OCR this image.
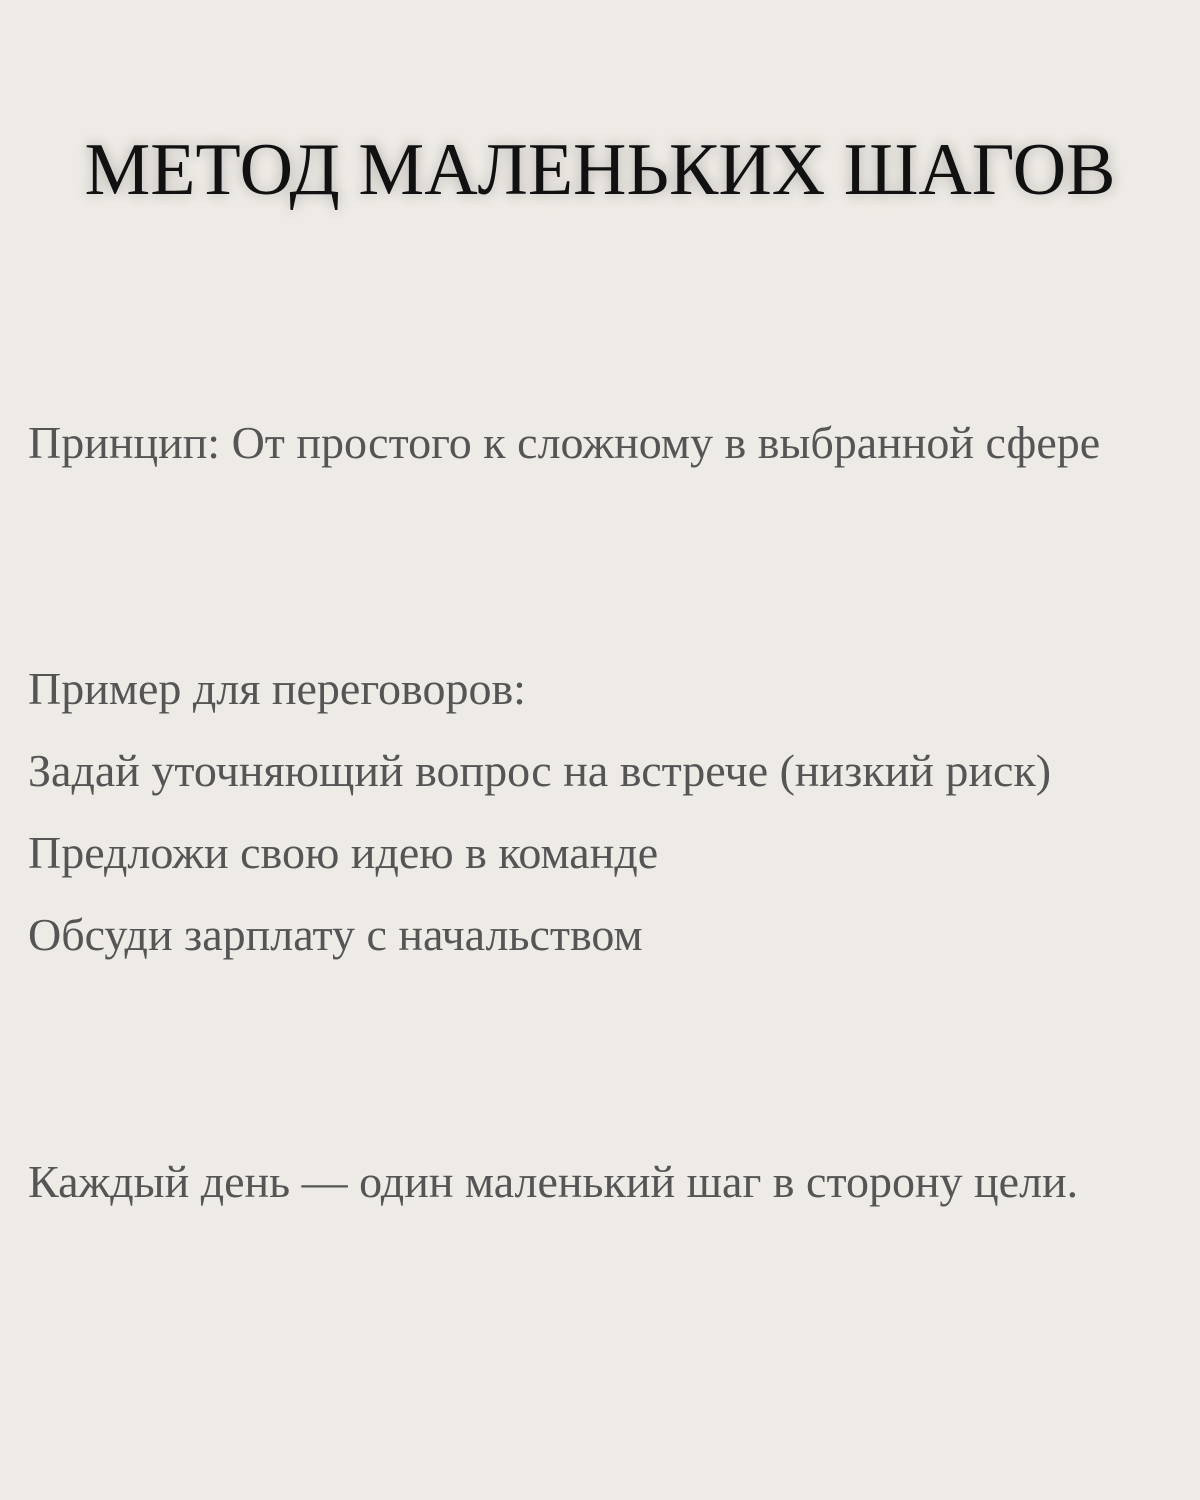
МЕТОД МАЛЕНЬКИХ ШАГОВ
Принцип: От простого к сложному в выбранной сфере
Пример для переговоров:
Задай уточняющий вопрос на встрече (низкий риск)
Предложи свою идею в команде
Обсуди зарплату с начальством
Каждый день — один маленький шаг в сторону цели.
